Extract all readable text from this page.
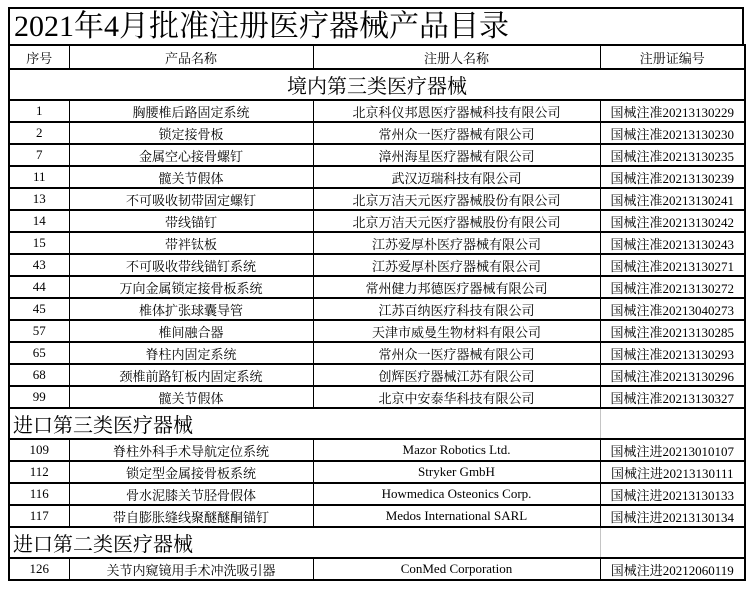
2021年4月批准注册医疗器械产品目录
序号	产品名称	注册人名称	注册证编号
境内第三类医疗器械			
1	胸腰椎后路固定系统	北京科仪邦恩医疗器械科技有限公司	国械注准20213130229
2	锁定接骨板	常州众一医疗器械有限公司	国械注准20213130230
7	金属空心接骨螺钉	漳州海星医疗器械有限公司	国械注准20213130235
11	髋关节假体	武汉迈瑞科技有限公司	国械注准20213130239
13	不可吸收韧带固定螺钉	北京万洁天元医疗器械股份有限公司	国械注准20213130241
14	带线锚钉	北京万洁天元医疗器械股份有限公司	国械注准20213130242
15	带袢钛板	江苏爱厚朴医疗器械有限公司	国械注准20213130243
43	不可吸收带线锚钉系统	江苏爱厚朴医疗器械有限公司	国械注准20213130271
44	万向金属锁定接骨板系统	常州健力邦德医疗器械有限公司	国械注准20213130272
45	椎体扩张球囊导管	江苏百纳医疗科技有限公司	国械注准20213040273
57	椎间融合器	天津市威曼生物材料有限公司	国械注准20213130285
65	脊柱内固定系统	常州众一医疗器械有限公司	国械注准20213130293
68	颈椎前路钉板内固定系统	创辉医疗器械江苏有限公司	国械注准20213130296
99	髋关节假体	北京中安泰华科技有限公司	国械注准20213130327
进口第三类医疗器械			
109	脊柱外科手术导航定位系统	Mazor Robotics Ltd.	国械注进20213010107
112	锁定型金属接骨板系统	Stryker GmbH	国械注进20213130111
116	骨水泥膝关节胫骨假体	Howmedica Osteonics Corp.	国械注进20213130133
117	带自膨胀缝线聚醚醚酮锚钉	Medos International SARL	国械注进20213130134
进口第二类医疗器械			
126	关节内窥镜用手术冲洗吸引器	ConMed Corporation	国械注进20212060119
